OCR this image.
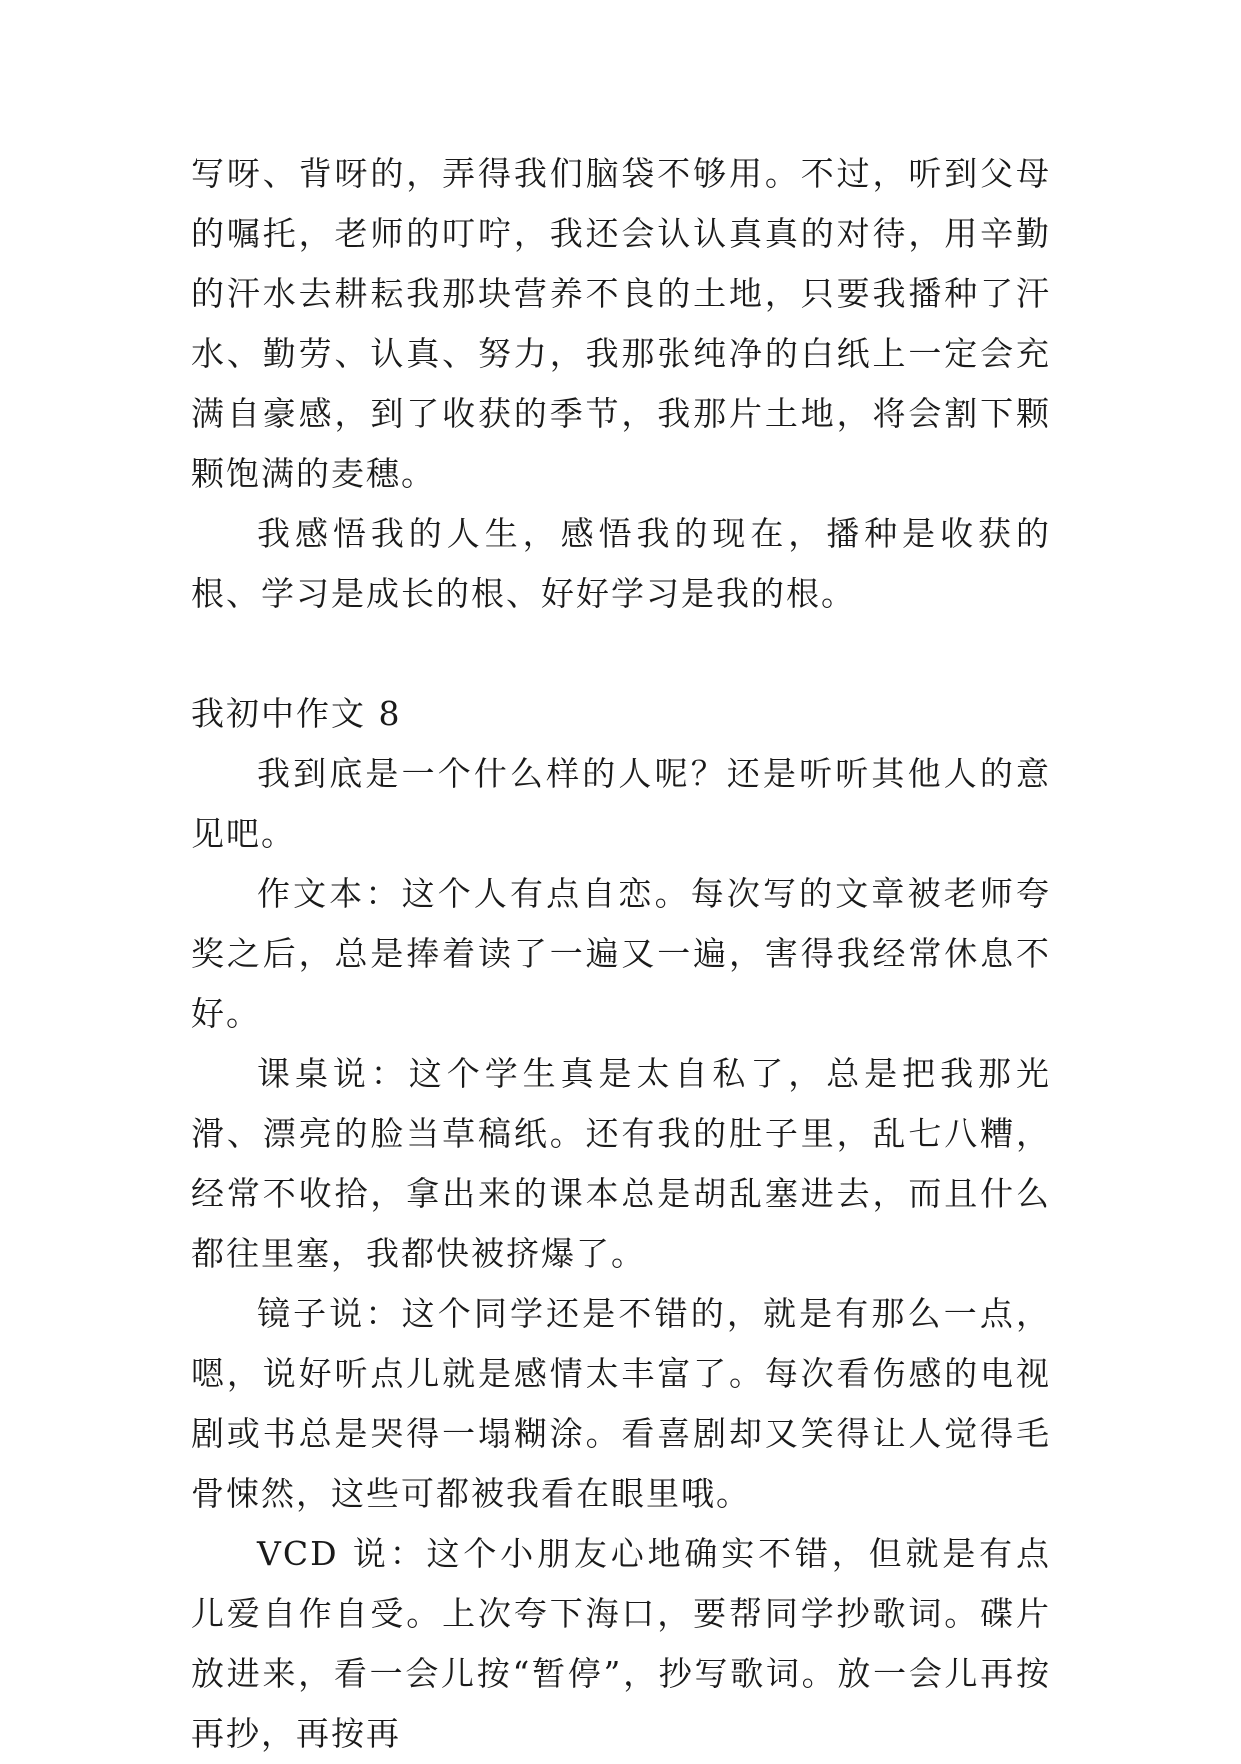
写呀、背呀的，弄得我们脑袋不够用。不过，听到父母的嘱托，老师的叮咛，我还会认认真真的对待，用辛勤的汗水去耕耘我那块营养不良的土地，只要我播种了汗水、勤劳、认真、努力，我那张纯净的白纸上一定会充满自豪感，到了收获的季节，我那片土地，将会割下颗颗饱满的麦穗。

我感悟我的人生，感悟我的现在，播种是收获的根、学习是成长的根、好好学习是我的根。

我初中作文 8

我到底是一个什么样的人呢？还是听听其他人的意见吧。

作文本：这个人有点自恋。每次写的文章被老师夸奖之后，总是捧着读了一遍又一遍，害得我经常休息不好。

课桌说：这个学生真是太自私了，总是把我那光滑、漂亮的脸当草稿纸。还有我的肚子里，乱七八糟，经常不收拾，拿出来的课本总是胡乱塞进去，而且什么都往里塞，我都快被挤爆了。

镜子说：这个同学还是不错的，就是有那么一点，嗯，说好听点儿就是感情太丰富了。每次看伤感的电视剧或书总是哭得一塌糊涂。看喜剧却又笑得让人觉得毛骨悚然，这些可都被我看在眼里哦。

VCD 说：这个小朋友心地确实不错，但就是有点儿爱自作自受。上次夸下海口，要帮同学抄歌词。碟片放进来，看一会儿按“暂停”，抄写歌词。放一会儿再按再抄，再按再
